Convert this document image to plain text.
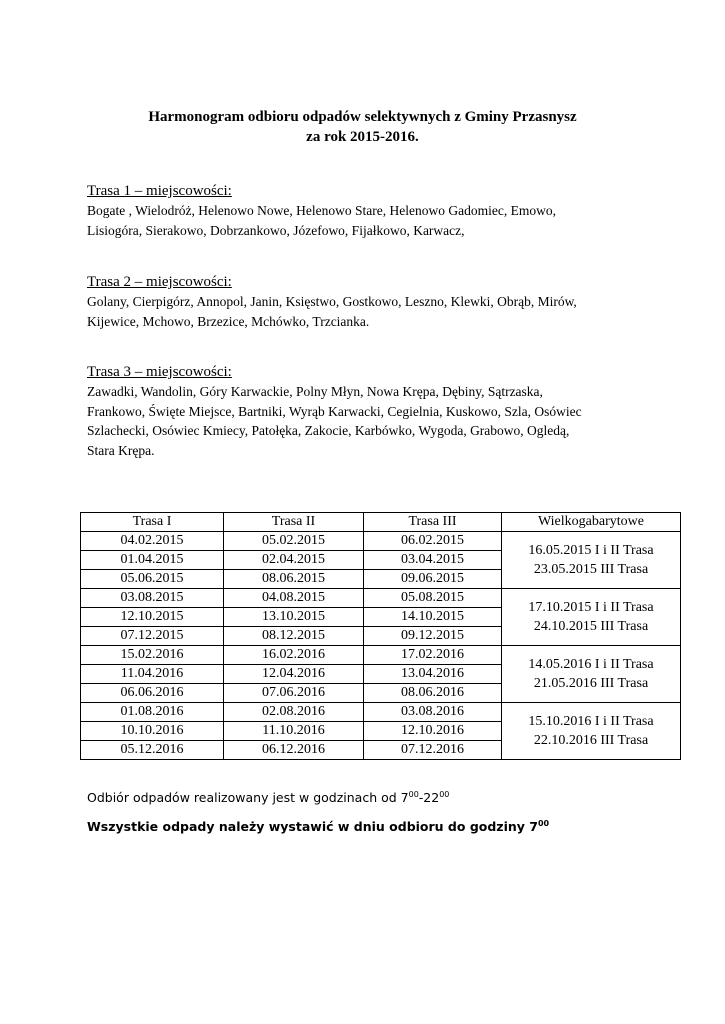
Harmonogram odbioru odpadów selektywnych z Gminy Przasnysz
za rok 2015-2016.
Trasa 1 – miejscowości:
Bogate , Wielodróż, Helenowo Nowe, Helenowo Stare, Helenowo Gadomiec, Emowo,
Lisiogóra, Sierakowo, Dobrzankowo, Józefowo, Fijałkowo, Karwacz,
Trasa 2 – miejscowości:
Golany, Cierpigórz, Annopol, Janin, Księstwo, Gostkowo, Leszno, Klewki, Obrąb, Mirów,
Kijewice, Mchowo, Brzezice, Mchówko, Trzcianka.
Trasa 3 – miejscowości:
Zawadki, Wandolin, Góry Karwackie, Polny Młyn, Nowa Krępa, Dębiny, Sątrzaska,
Frankowo, Święte Miejsce, Bartniki, Wyrąb Karwacki, Cegielnia, Kuskowo, Szla, Osówiec
Szlachecki, Osówiec Kmiecy, Patołęka, Zakocie, Karbówko, Wygoda, Grabowo, Ogledą,
Stara Krępa.
Trasa I	Trasa II	Trasa III	Wielkogabarytowe
04.02.2015	05.02.2015	06.02.2015	16.05.2015 I i II Trasa
23.05.2015 III Trasa

01.04.2015	02.04.2015	03.04.2015	
05.06.2015	08.06.2015	09.06.2015	
03.08.2015	04.08.2015	05.08.2015	17.10.2015 I i II Trasa
24.10.2015 III Trasa

12.10.2015	13.10.2015	14.10.2015	
07.12.2015	08.12.2015	09.12.2015	
15.02.2016	16.02.2016	17.02.2016	14.05.2016 I i II Trasa
21.05.2016 III Trasa

11.04.2016	12.04.2016	13.04.2016	
06.06.2016	07.06.2016	08.06.2016	
01.08.2016	02.08.2016	03.08.2016	15.10.2016 I i II Trasa
22.10.2016 III Trasa

10.10.2016	11.10.2016	12.10.2016	
05.12.2016	06.12.2016	07.12.2016	
Odbiór odpadów realizowany jest w godzinach od $7^{00}-22^{00}$
Wszystkie odpady należy wystawić w dniu odbioru do godziny $7^{00}$
